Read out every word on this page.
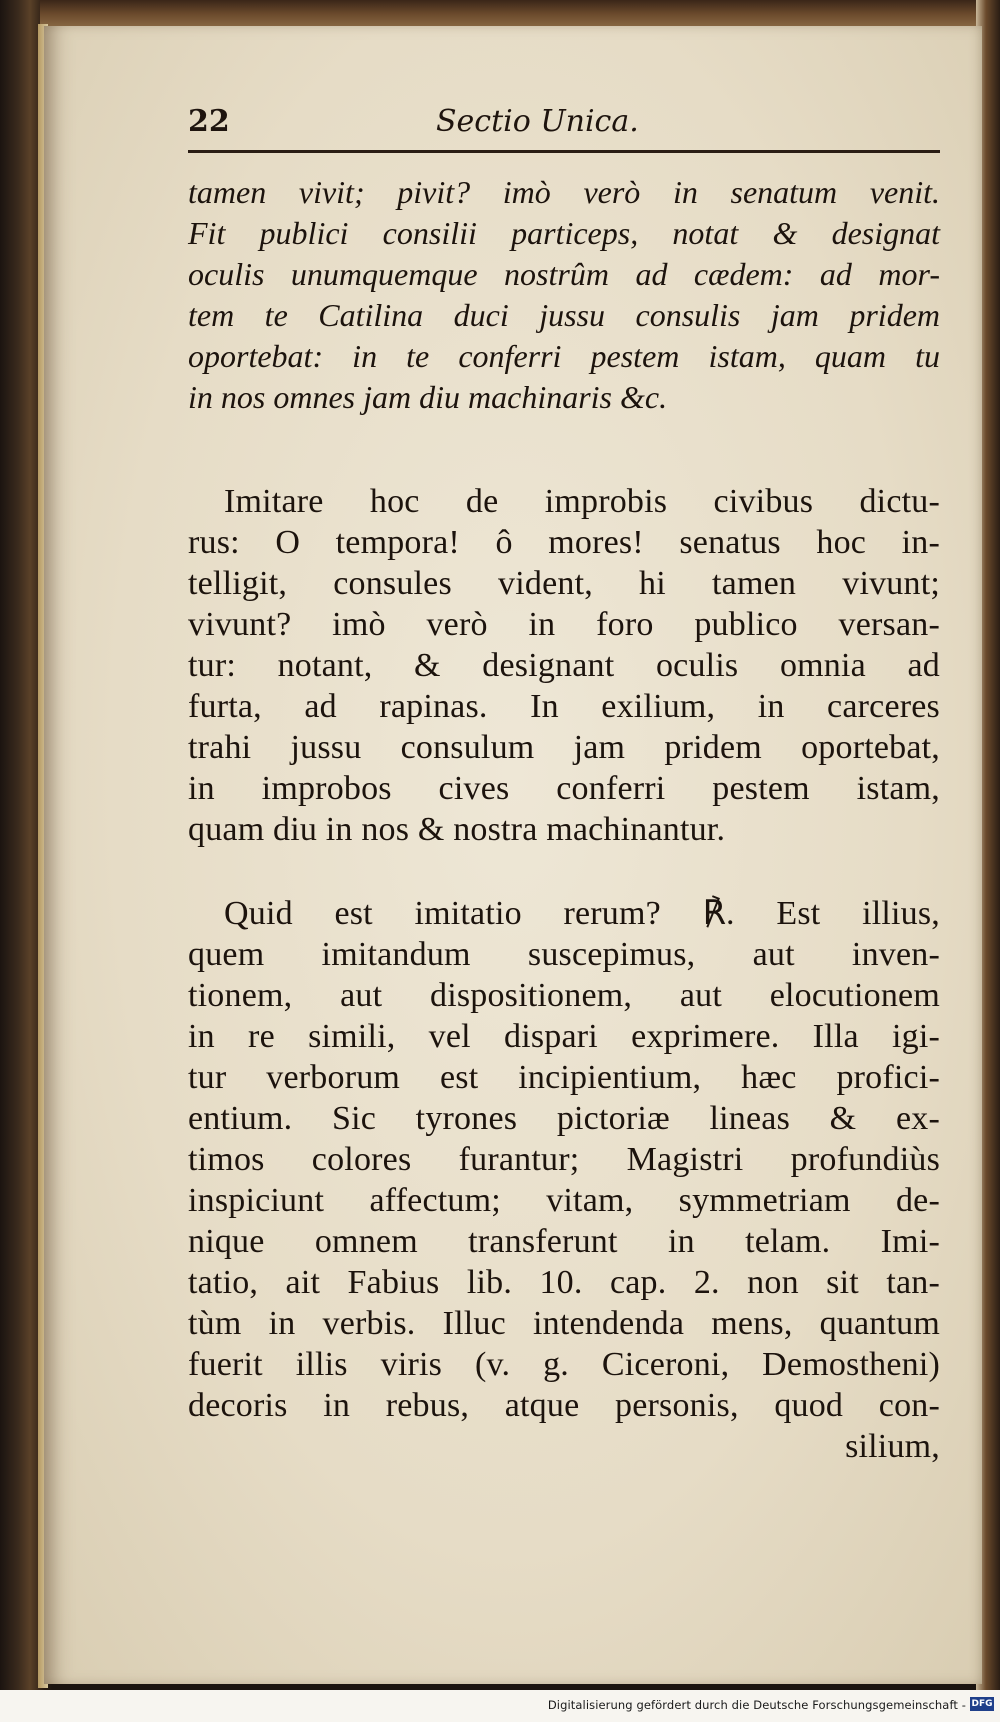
22	Sectio Unica.
tamen vivit; pivit? imò verò in senatum venit.
Fit publici consilii particeps, notat & designat
oculis unumquemque nostrûm ad cædem: ad mor-
tem te Catilina duci jussu consulis jam pridem
oportebat: in te conferri pestem istam, quam tu
in nos omnes jam diu machinaris &c.
Imitare hoc de improbis civibus dictu-
rus: O tempora! ô mores! senatus hoc in-
telligit, consules vident, hi tamen vivunt;
vivunt? imò verò in foro publico versan-
tur: notant, & designant oculis omnia ad
furta, ad rapinas. In exilium, in carceres
trahi jussu consulum jam pridem oportebat,
in improbos cives conferri pestem istam,
quam diu in nos & nostra machinantur.
Quid est imitatio rerum? ℟. Est illius,
quem imitandum suscepimus, aut inven-
tionem, aut dispositionem, aut elocutionem
in re simili, vel dispari exprimere. Illa igi-
tur verborum est incipientium, hæc profici-
entium. Sic tyrones pictoriæ lineas & ex-
timos colores furantur; Magistri profundiùs
inspiciunt affectum; vitam, symmetriam de-
nique omnem transferunt in telam. Imi-
tatio, ait Fabius lib. 10. cap. 2. non sit tan-
tùm in verbis. Illuc intendenda mens, quantum
fuerit illis viris (v. g. Ciceroni, Demostheni)
decoris in rebus, atque personis, quod con-
silium,
Digitalisierung gefördert durch die Deutsche Forschungsgemeinschaft - DFG
